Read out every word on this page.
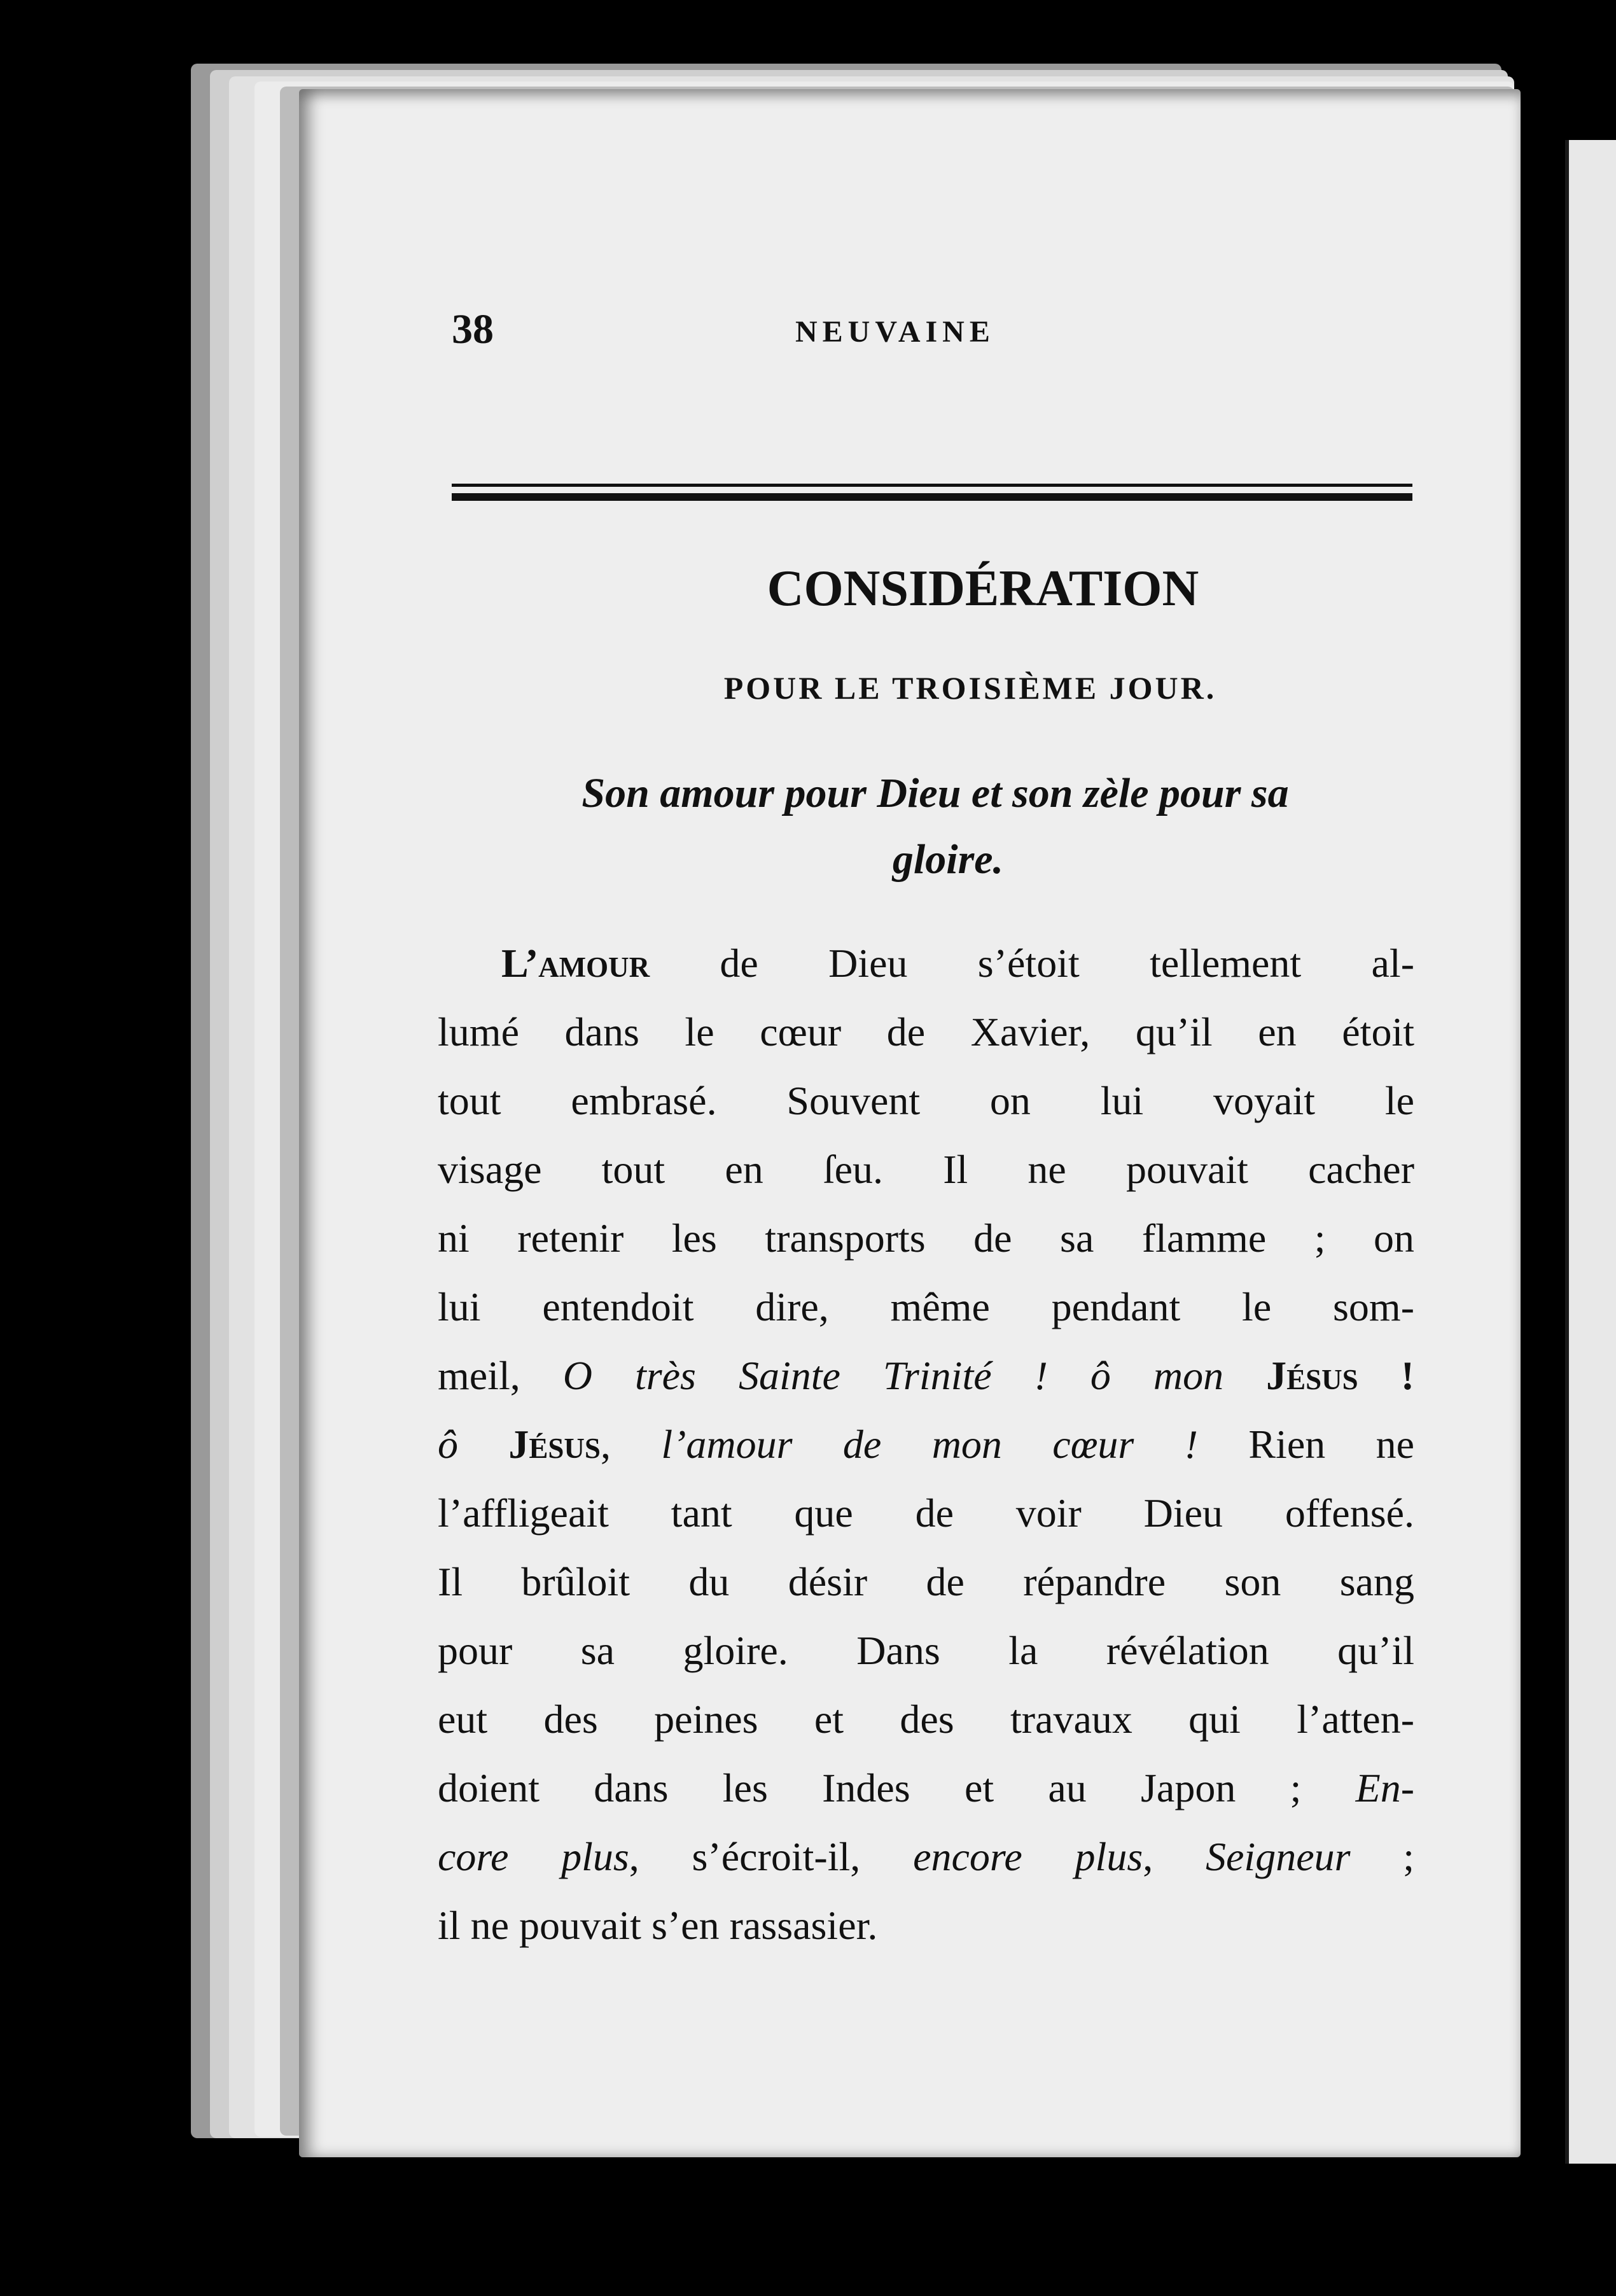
38	NEUVAINE
CONSIDÉRATION
POUR LE TROISIÈME JOUR.
Son amour pour Dieu et son zèle pour sa
gloire.
L’amour de Dieu s’étoit tellement al-
lumé dans le cœur de Xavier, qu’il en étoit
tout embrasé. Souvent on lui voyait le
visage tout en ſeu. Il ne pouvait cacher
ni retenir les transports de sa flamme ; on
lui entendoit dire, même pendant le som-
meil, O très Sainte Trinité ! ô mon Jésus !
ô Jésus, l’amour de mon cœur ! Rien ne
l’affligeait tant que de voir Dieu offensé.
Il brûloit du désir de répandre son sang
pour sa gloire. Dans la révélation qu’il
eut des peines et des travaux qui l’atten-
doient dans les Indes et au Japon ; En-
core plus, s’écroit-il, encore plus, Seigneur ;
il ne pouvait s’en rassasier.
